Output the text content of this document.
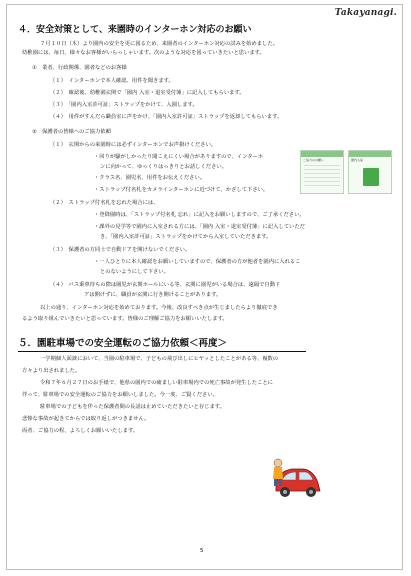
Takayanagi.
４．安全対策として、来園時のインターホン対応のお願い
７月１０日（木）より園内の安全を更に図るため、来園者のインターホン対応の試みを始めました。
幼稚園には、毎日、様々なお客様がいらっしゃいます。次のような対応を図っていきたいと思います。
①　業者、行政関係、園者などのお客様
（１）　インターホンで本人確認、用件を聞きます。
（２）　確認後、幼稚園玄関で「園内 入室・退室受付簿」に記入してもらいます。
（３）　「園内入室許可証」ストラップをかけて、入園します。
（４）　用件がすんだら職員室に声をかけ、「園内入室許可証」ストラップを返却してもらいます。
②　保護者の皆様へのご協力依頼
（１）　玄関からの来園時には必ずインターホンでお声掛けください。
・回りが騒がしかったり聞こえにくい場合がありますので、インターホ
ンに向かって、ゆっくりはっきりとお話しください。
・クラス名、園児名、用件をお伝えください。
・ストラップ付名札をカメラインターホンに近づけて、かざして下さい。
（２）　ストラップ付名札を忘れた場合には、
・登降園時は、「ストラップ付名札 忘れ」に記入をお願いしますので、ご了承ください。
・課外の見学等で園内に入室される方には、「園内 入室・退室受付簿」に記入していただ
き、「園内入室許可証」ストラップをかけてから入室していただきます。
（３）　保護者の方同士で自動ドアを開けないでください。
・一人ひとりに本人確認をお願いしていますので、保護者の方が他者を園内に入れるこ
とのないようにして下さい。
（４）　バス乗車待ちの際は園児が玄関ホールにいる等、玄関に園児がいる場合は、遠隔で自動ド
アは開けずに、職員が玄関に行き開けることがあります。
ご協力のお願い	園内入室
以上の通り、インターホン対応を始めております。今後、改良すべき点が生じましたらより徹底でき
るよう取り組んでいきたいと思っています。皆様のご理解ご協力をお願いいたします。
５．園駐車場での安全運転のご協力依頼＜再度＞
一学期個人面談において、当園の駐車場で、子どもの飛び出しにヒヤッとしたことがある等、複数の
方々より出されました。
令和７年６月２７日のお手紙で、他県の園内での痛ましい駐車場内での死亡事故が発生したことに
伴って、駐車場での安全運転のご協力をお願いしました。今一度、ご賢ください。
駐車場での子どもを伴った保護者間の長話は止めていただきたいと存じます。
悲惨な事故が起きてからでは取り返しがつきません。
両者、ご協力の程、よろしくお願いいたします。
5
